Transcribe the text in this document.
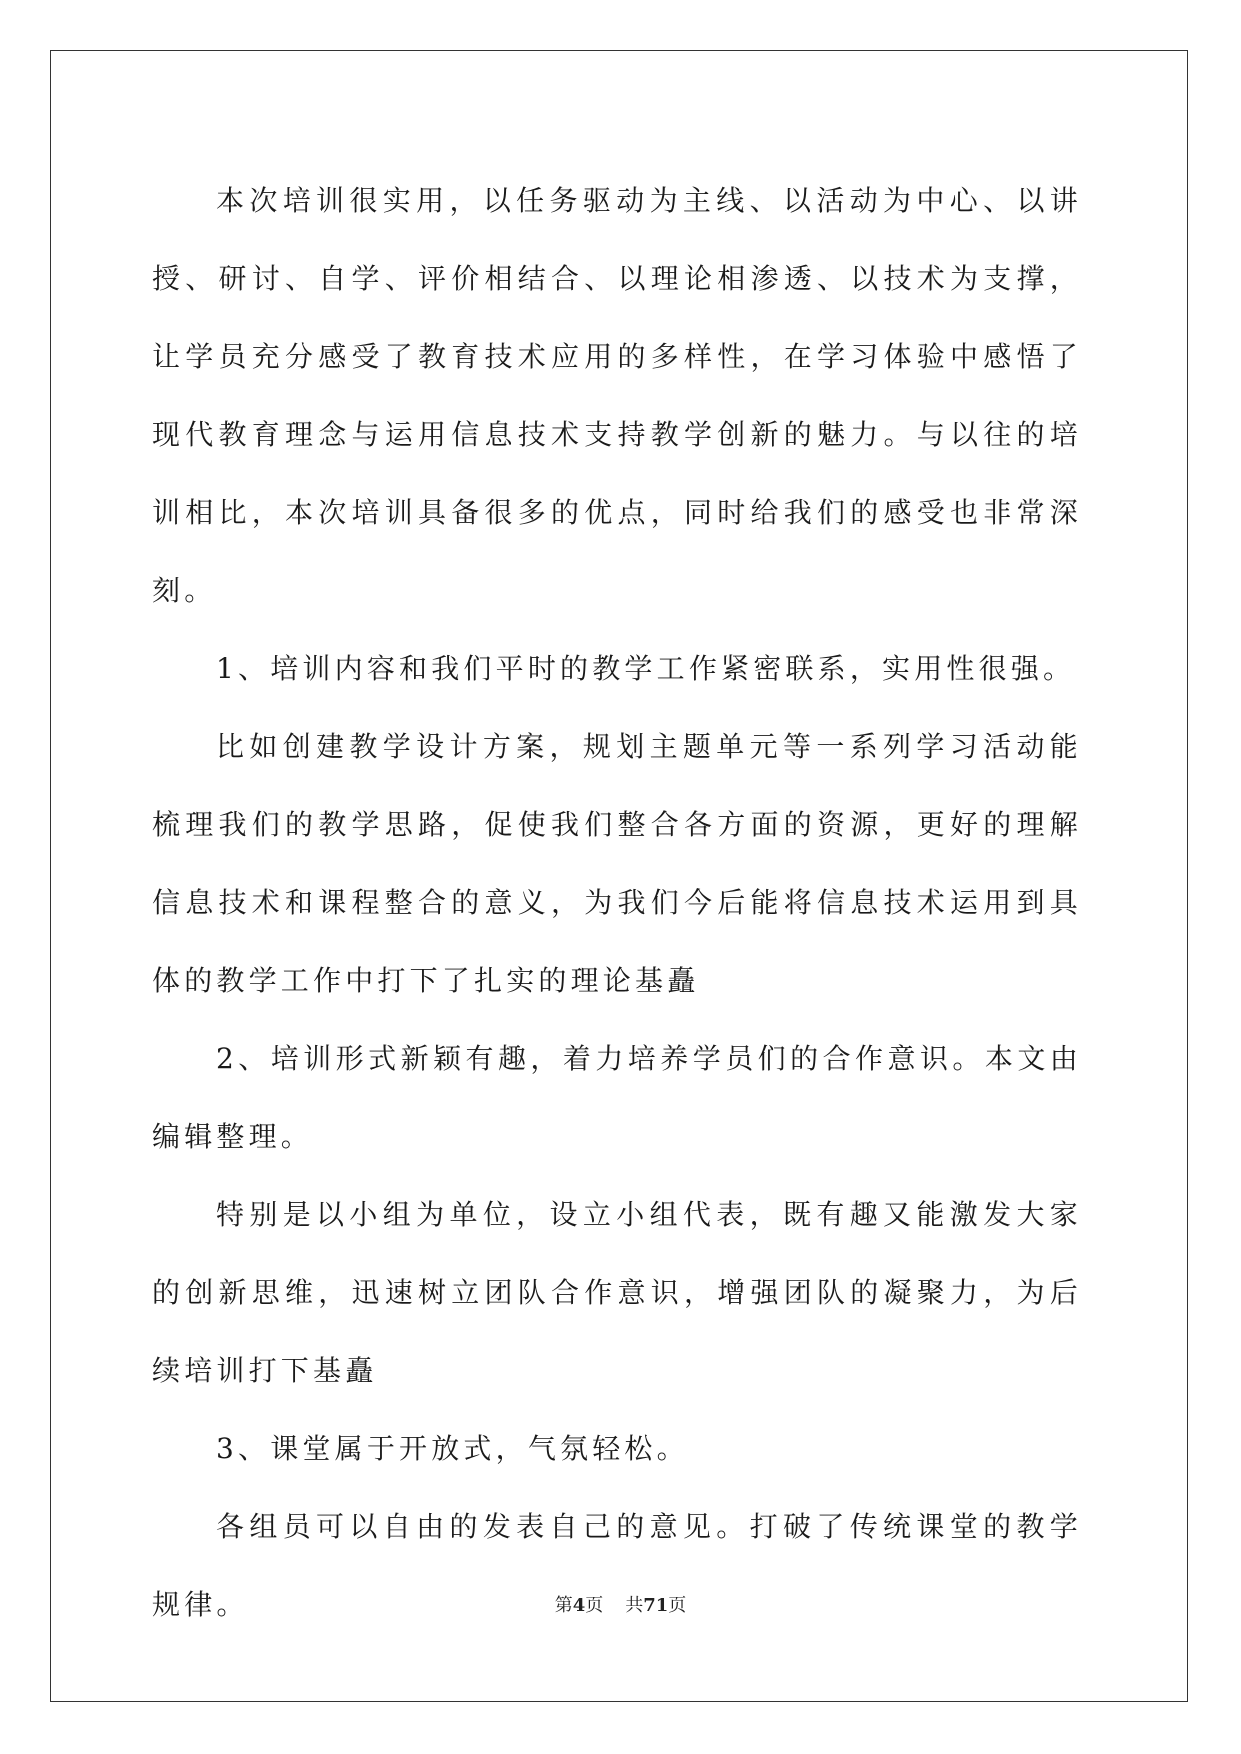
本次培训很实用，以任务驱动为主线、以活动为中心、以讲授、研讨、自学、评价相结合、以理论相渗透、以技术为支撑，让学员充分感受了教育技术应用的多样性，在学习体验中感悟了现代教育理念与运用信息技术支持教学创新的魅力。与以往的培训相比，本次培训具备很多的优点，同时给我们的感受也非常深刻。

1、培训内容和我们平时的教学工作紧密联系，实用性很强。

比如创建教学设计方案，规划主题单元等一系列学习活动能梳理我们的教学思路，促使我们整合各方面的资源，更好的理解信息技术和课程整合的意义，为我们今后能将信息技术运用到具体的教学工作中打下了扎实的理论基矗

2、培训形式新颖有趣，着力培养学员们的合作意识。本文由编辑整理。

特别是以小组为单位，设立小组代表，既有趣又能激发大家的创新思维，迅速树立团队合作意识，增强团队的凝聚力，为后续培训打下基矗

3、课堂属于开放式，气氛轻松。

各组员可以自由的发表自己的意见。打破了传统课堂的教学规律。	第4页 共71页
